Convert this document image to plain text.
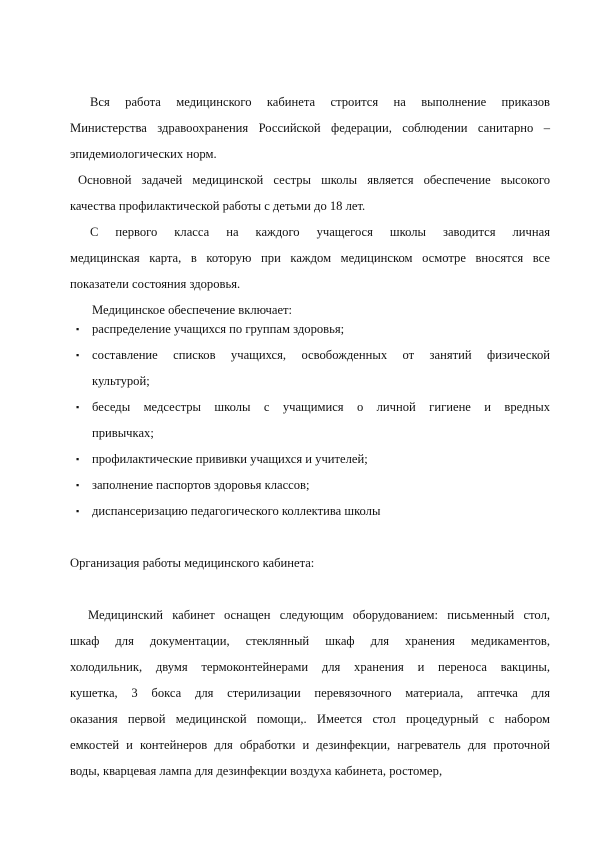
Вся работа медицинского кабинета строится на выполнение приказов
Министерства здравоохранения Российской федерации, соблюдении санитарно –
эпидемиологических норм.
Основной задачей медицинской сестры школы является обеспечение высокого
качества профилактической работы с детьми до 18 лет.
С первого класса на каждого учащегося школы заводится личная
медицинская карта, в которую при каждом медицинском осмотре вносятся все
показатели состояния здоровья.
Медицинское обеспечение включает:
▪ распределение учащихся по группам здоровья;
▪ составление списков учащихся, освобожденных от занятий физической
культурой;
▪ беседы медсестры школы с учащимися о личной гигиене и вредных
привычках;
▪ профилактические прививки учащихся и учителей;
▪ заполнение паспортов здоровья классов;
▪ диспансеризацию педагогического коллектива школы
Организация работы медицинского кабинета:
Медицинский кабинет оснащен следующим оборудованием: письменный стол,
шкаф для документации, стеклянный шкаф для хранения медикаментов,
холодильник, двумя термоконтейнерами для хранения и переноса вакцины,
кушетка, 3 бокса для стерилизации перевязочного материала, аптечка для
оказания первой медицинской помощи,. Имеется стол процедурный с набором
емкостей и контейнеров для обработки и дезинфекции, нагреватель для проточной
воды, кварцевая лампа для дезинфекции воздуха кабинета, ростомер,
